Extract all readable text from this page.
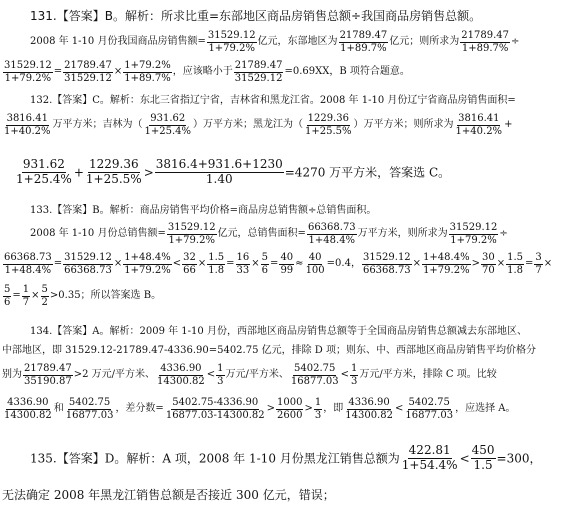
131.【答案】B。解析：所求比重=东部地区商品房销售总额÷我国商品房销售总额。
2008 年 1-10 月份我国商品房销售额= $\frac{31529.12}{1+79.2\%}$ 亿元，东部地区为 $\frac{21789.47}{1+89.7\%}$ 亿元；则所求为 $\frac{21789.47}{1+89.7\%}$ ÷
$\frac{31529.12}{1+79.2\%} = \frac{21789.47}{31529.12} \times \frac{1+79.2\%}{1+89.7\%}$ ，应该略小于 $\frac{21789.47}{31529.12} =0.69XX$，B 项符合题意。
132.【答案】C。解析：东北三省指辽宁省，吉林省和黑龙江省。2008 年 1-10 月份辽宁省商品房销售面积=
$\frac{3816.41}{1+40.2\%}$ 万平方米；吉林为（ $\frac{931.62}{1+25.4\%}$ ）万平方米；黑龙江为（ $\frac{1229.36}{1+25.5\%}$ ）万平方米；则所求为 $\frac{3816.41}{1+40.2\%}$ +
$\frac{931.62}{1+25.4\%} + \frac{1229.36}{1+25.5\%} > \frac{3816.4+931.6+1230}{1.40} =4270$ 万平方米，答案选 C。
133.【答案】B。解析：商品房销售平均价格=商品房总销售额÷总销售面积。
2008 年 1-10 月份总销售额= $\frac{31529.12}{1+79.2\%}$ 亿元，总销售面积= $\frac{66368.73}{1+48.4\%}$ 万平方米，则所求为 $\frac{31529.12}{1+79.2\%}$ ÷
$\frac{66368.73}{1+48.4\%} = \frac{31529.12}{66368.73} \times \frac{1+48.4\%}{1+79.2\%} < \frac{32}{66} \times \frac{1.5}{1.8} = \frac{16}{33} \times \frac{5}{6} = \frac{40}{99} \approx \frac{40}{100} =0.4$， $\frac{31529.12}{66368.73} \times \frac{1+48.4\%}{1+79.2\%} > \frac{30}{70} \times \frac{1.5}{1.8} = \frac{3}{7}$ ×
$\frac{5}{6} = \frac{1}{7} \times \frac{5}{2} >0.35$；所以答案选 B。
134.【答案】A。解析：2009 年 1-10 月份，西部地区商品房销售总额等于全国商品房销售总额减去东部地区、
中部地区，即 31529.12-21789.47-4336.90=5402.75 亿元，排除 D 项；则东、中、西部地区商品房销售平均价格分
别为 $\frac{21789.47}{35190.87} >2$ 万元/平方米、 $\frac{4336.90}{14300.82} < \frac{1}{3}$ 万元/平方米、 $\frac{5402.75}{16877.03} < \frac{1}{3}$ 万元/平方米，排除 C 项。比较
$\frac{4336.90}{14300.82}$ 和 $\frac{5402.75}{16877.03}$ ，差分数= $\frac{5402.75-4336.90}{16877.03-14300.82} > \frac{1000}{2600} > \frac{1}{3}$ ，即 $\frac{4336.90}{14300.82} < \frac{5402.75}{16877.03}$ ，应选择 A。
135.【答案】D。解析：A 项，2008 年 1-10 月份黑龙江销售总额为 $\frac{422.81}{1+54.4\%} < \frac{450}{1.5} =300$，
无法确定 2008 年黑龙江销售总额是否接近 300 亿元，错误；
